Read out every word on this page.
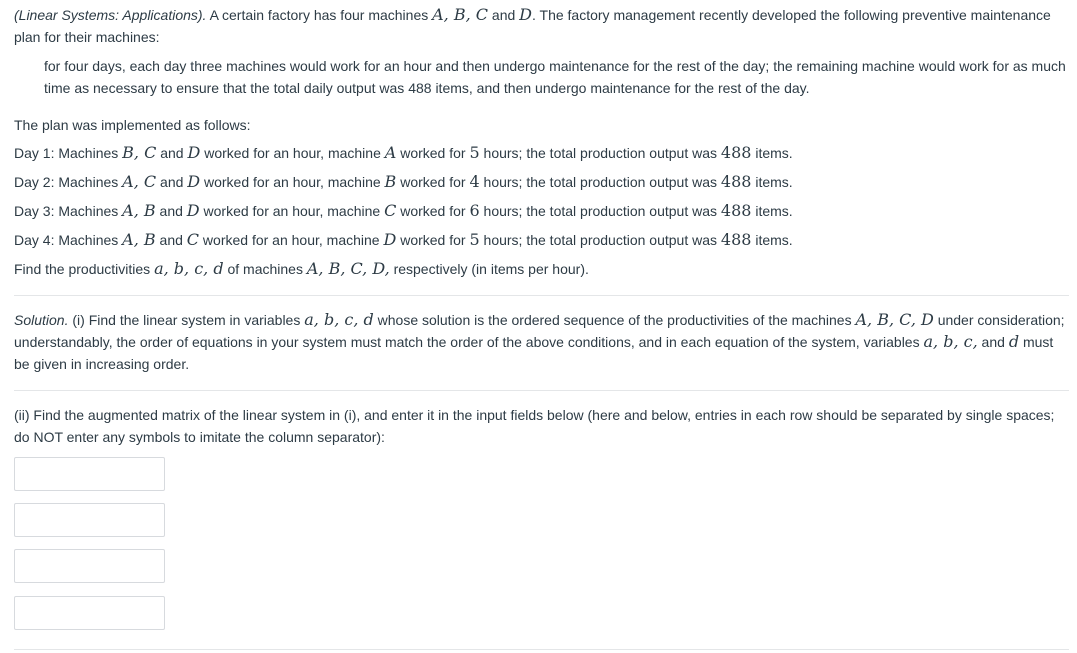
(Linear Systems: Applications). A certain factory has four machines A, B, C and D. The factory management recently developed the following preventive maintenance plan for their machines:

for four days, each day three machines would work for an hour and then undergo maintenance for the rest of the day; the remaining machine would work for as much time as necessary to ensure that the total daily output was 488 items, and then undergo maintenance for the rest of the day.

The plan was implemented as follows:

Day 1: Machines B, C and D worked for an hour, machine A worked for 5 hours; the total production output was 488 items.

Day 2: Machines A, C and D worked for an hour, machine B worked for 4 hours; the total production output was 488 items.

Day 3: Machines A, B and D worked for an hour, machine C worked for 6 hours; the total production output was 488 items.

Day 4: Machines A, B and C worked for an hour, machine D worked for 5 hours; the total production output was 488 items.

Find the productivities a, b, c, d of machines A, B, C, D, respectively (in items per hour).

Solution. (i) Find the linear system in variables a, b, c, d whose solution is the ordered sequence of the productivities of the machines A, B, C, D under consideration; understandably, the order of equations in your system must match the order of the above conditions, and in each equation of the system, variables a, b, c, and d must be given in increasing order.

(ii) Find the augmented matrix of the linear system in (i), and enter it in the input fields below (here and below, entries in each row should be separated by single spaces; do NOT enter any symbols to imitate the column separator):
